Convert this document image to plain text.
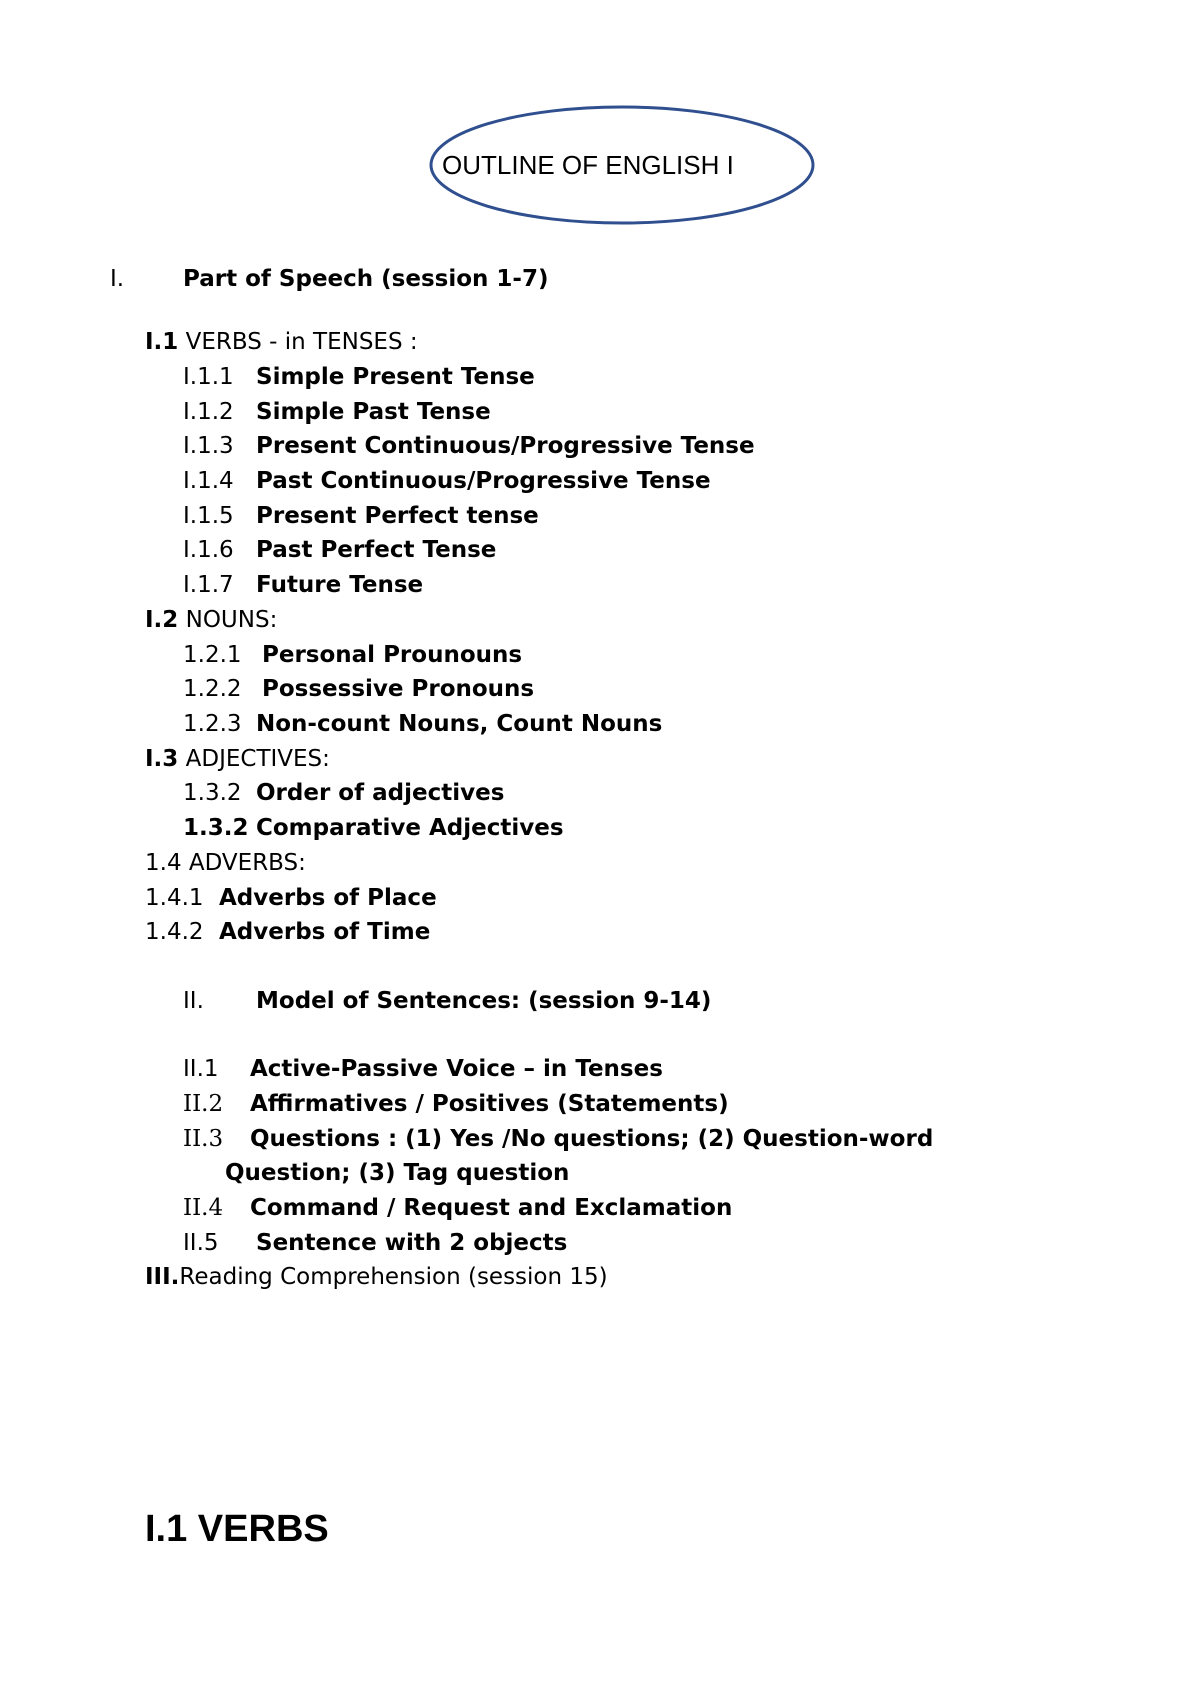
OUTLINE OF ENGLISH I
I.	Part of Speech (session 1-7)
I.1 VERBS - in TENSES :
I.1.1 Simple Present Tense
I.1.2 Simple Past Tense
I.1.3 Present Continuous/Progressive Tense
I.1.4 Past Continuous/Progressive Tense
I.1.5 Present Perfect tense
I.1.6 Past Perfect Tense
I.1.7 Future Tense
I.2 NOUNS:
1.2.1 Personal Prounouns
1.2.2 Possessive Pronouns
1.2.3 Non-count Nouns, Count Nouns
I.3 ADJECTIVES:
1.3.2 Order of adjectives
1.3.2 Comparative Adjectives
1.4 ADVERBS:
1.4.1 Adverbs of Place
1.4.2 Adverbs of Time
II. Model of Sentences: (session 9-14)
II.1 Active-Passive Voice – in Tenses
II.2 Affirmatives / Positives (Statements)
II.3 Questions : (1) Yes /No questions; (2) Question-word
Question; (3) Tag question
II.4 Command / Request and Exclamation
II.5 Sentence with 2 objects
III.Reading Comprehension (session 15)
I.1 VERBS
